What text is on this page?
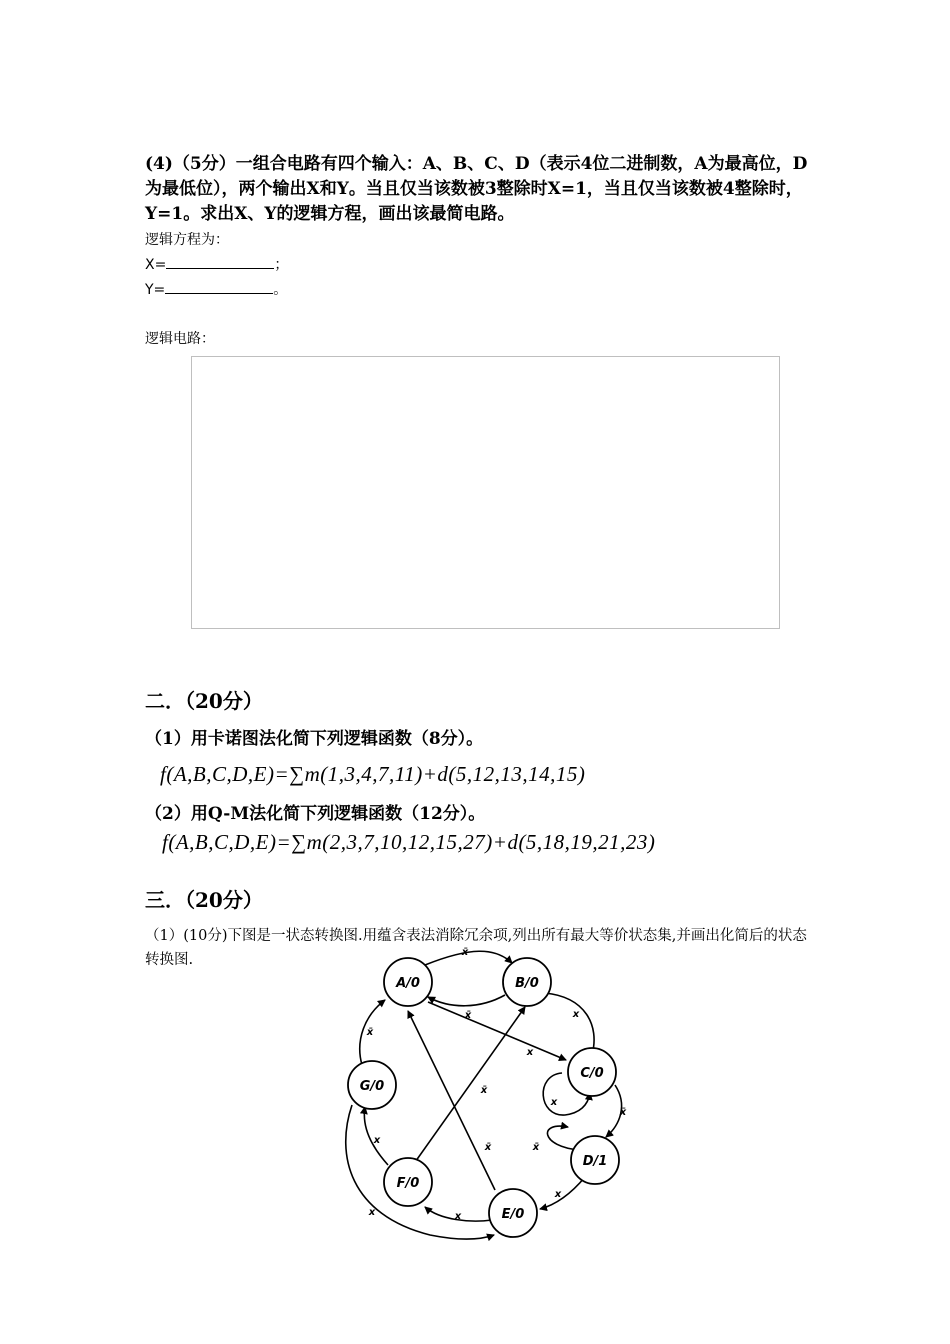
(4)（5分）一组合电路有四个输入：A、B、C、D（表示4位二进制数，A为最高位，D为最低位），两个输出X和Y。当且仅当该数被3整除时X=1，当且仅当该数被4整除时，Y=1。求出X、Y的逻辑方程，画出该最简电路。
逻辑方程为：
X=	；
Y=	。
逻辑电路：
二．（20分）
（1）用卡诺图法化简下列逻辑函数（8分）。
f(A,B,C,D,E)=∑m(1,3,4,7,11)+d(5,12,13,14,15)
（2）用Q-M法化简下列逻辑函数（12分）。
f(A,B,C,D,E)=∑m(2,3,7,10,12,15,27)+d(5,18,19,21,23)
三．（20分）
（1）(10分)下图是一状态转换图.用蕴含表法消除冗余项,列出所有最大等价状态集,并画出化简后的状态转换图.
A/0	B/0
C/0
D/1
E/0
F/0
G/0
x̄
x̄	x
x
x
x̄
x̄
x
x
x̄
x̄
x
x̄
x
